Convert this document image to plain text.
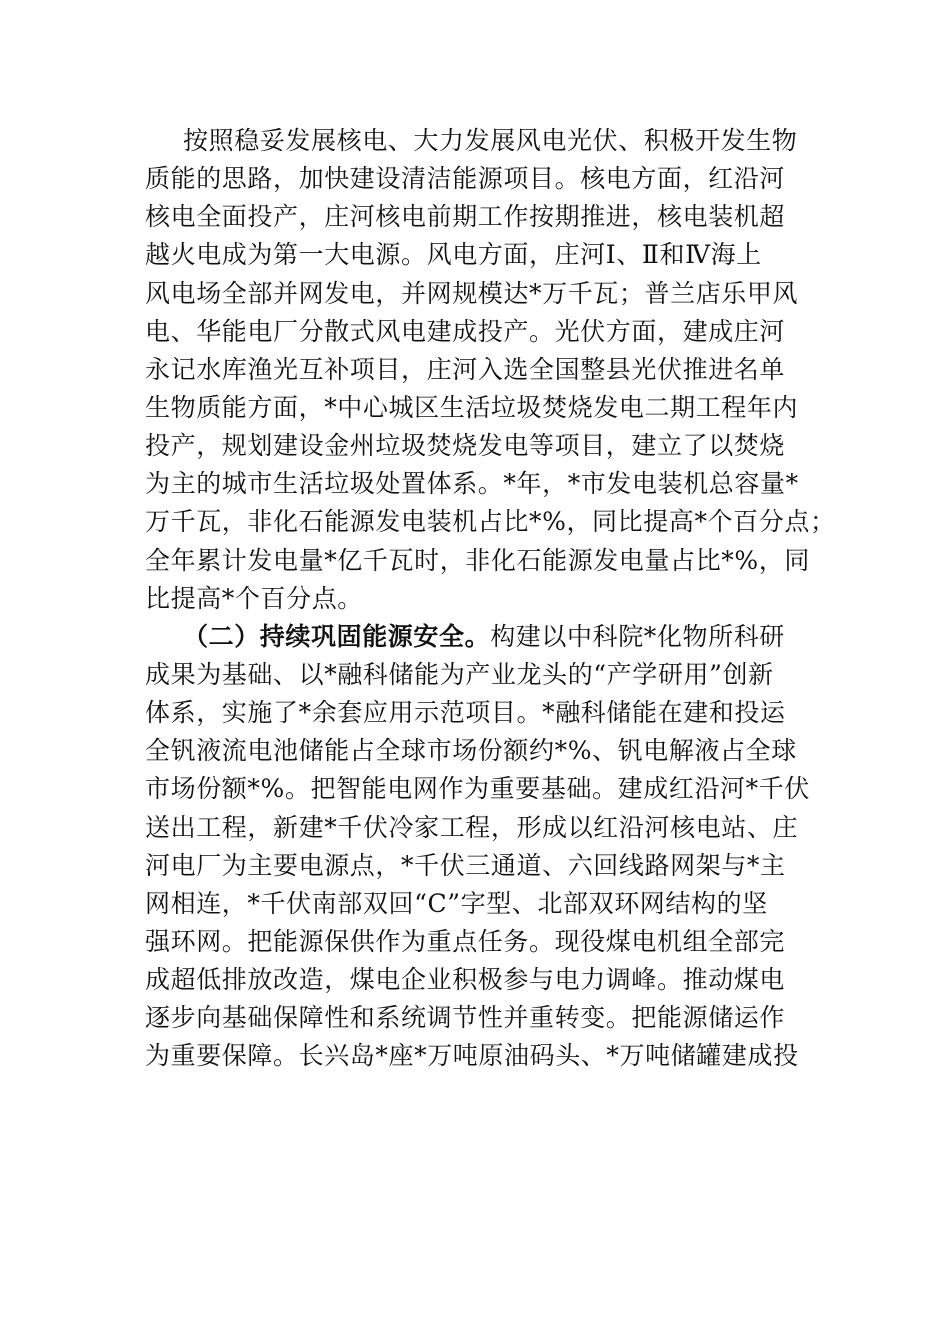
按照稳妥发展核电、大力发展风电光伏、积极开发生物
质能的思路，加快建设清洁能源项目。核电方面，红沿河
核电全面投产，庄河核电前期工作按期推进，核电装机超
越火电成为第一大电源。风电方面，庄河Ⅰ、Ⅱ和Ⅳ海上
风电场全部并网发电，并网规模达*万千瓦；普兰店乐甲风
电、华能电厂分散式风电建成投产。光伏方面，建成庄河
永记水库渔光互补项目，庄河入选全国整县光伏推进名单
生物质能方面，*中心城区生活垃圾焚烧发电二期工程年内
投产，规划建设金州垃圾焚烧发电等项目，建立了以焚烧
为主的城市生活垃圾处置体系。*年，*市发电装机总容量*
万千瓦，非化石能源发电装机占比*%，同比提高*个百分点；
全年累计发电量*亿千瓦时，非化石能源发电量占比*%，同
比提高*个百分点。
（二）持续巩固能源安全。构建以中科院*化物所科研
成果为基础、以*融科储能为产业龙头的“产学研用”创新
体系，实施了*余套应用示范项目。*融科储能在建和投运
全钒液流电池储能占全球市场份额约*%、钒电解液占全球
市场份额*%。把智能电网作为重要基础。建成红沿河*千伏
送出工程，新建*千伏冷家工程，形成以红沿河核电站、庄
河电厂为主要电源点，*千伏三通道、六回线路网架与*主
网相连，*千伏南部双回“C”字型、北部双环网结构的坚
强环网。把能源保供作为重点任务。现役煤电机组全部完
成超低排放改造，煤电企业积极参与电力调峰。推动煤电
逐步向基础保障性和系统调节性并重转变。把能源储运作
为重要保障。长兴岛*座*万吨原油码头、*万吨储罐建成投
